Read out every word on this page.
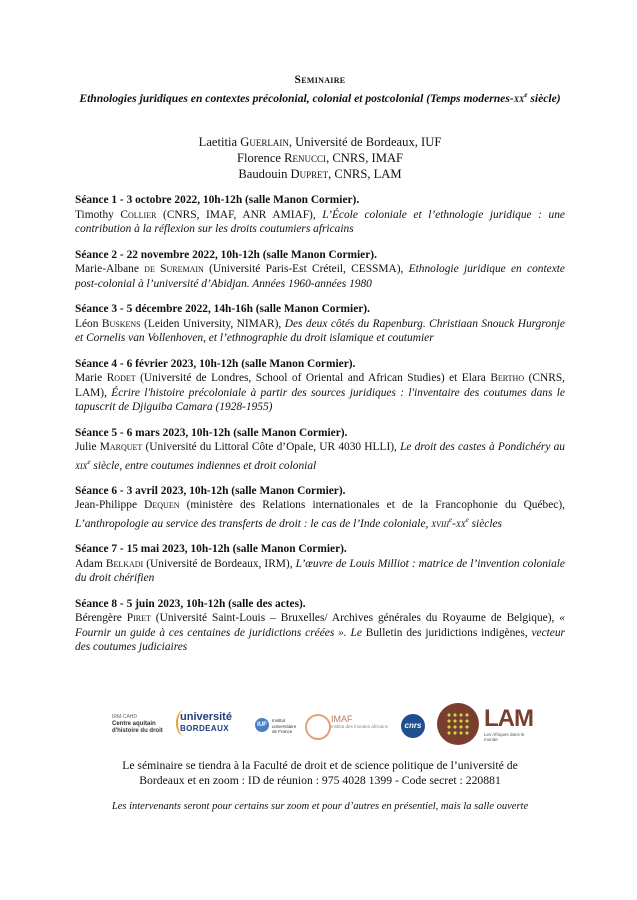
Seminaire
Ethnologies juridiques en contextes précolonial, colonial et postcolonial (Temps modernes-$xx^e$ siècle)
Laetitia Guerlain, Université de Bordeaux, IUF
Florence Renucci, CNRS, IMAF
Baudouin Dupret, CNRS, LAM
Séance 1 - 3 octobre 2022, 10h-12h (salle Manon Cormier).
Timothy Collier (CNRS, IMAF, ANR AMIAF), L’École coloniale et l’ethnologie juridique : une contribution à la réflexion sur les droits coutumiers africains
Séance 2 - 22 novembre 2022, 10h-12h (salle Manon Cormier).
Marie-Albane de Suremain (Université Paris-Est Créteil, CESSMA), Ethnologie juridique en contexte post-colonial à l’université d’Abidjan. Années 1960-années 1980
Séance 3 - 5 décembre 2022, 14h-16h (salle Manon Cormier).
Léon Buskens (Leiden University, NIMAR), Des deux côtés du Rapenburg. Christiaan Snouck Hurgronje et Cornelis van Vollenhoven, et l’ethnographie du droit islamique et coutumier
Séance 4 - 6 février 2023, 10h-12h (salle Manon Cormier).
Marie Rodet (Université de Londres, School of Oriental and African Studies) et Elara Bertho (CNRS, LAM), Écrire l'histoire précoloniale à partir des sources juridiques : l'inventaire des coutumes dans le tapuscrit de Djiguiba Camara (1928-1955)
Séance 5 - 6 mars 2023, 10h-12h (salle Manon Cormier).
Julie Marquet (Université du Littoral Côte d’Opale, UR 4030 HLLI), Le droit des castes à Pondichéry au xix$^e$ siècle, entre coutumes indiennes et droit colonial
Séance 6 - 3 avril 2023, 10h-12h (salle Manon Cormier).
Jean-Philippe Dequen (ministère des Relations internationales et de la Francophonie du Québec), L’anthropologie au service des transferts de droit : le cas de l’Inde coloniale, $xviii^e-xx^e$ siècles
Séance 7 - 15 mai 2023, 10h-12h (salle Manon Cormier).
Adam Belkadi (Université de Bordeaux, IRM), L’œuvre de Louis Milliot : matrice de l’invention coloniale du droit chérifien
Séance 8 - 5 juin 2023, 10h-12h (salle des actes).
Bérengère Piret (Université Saint-Louis – Bruxelles/ Archives générales du Royaume de Belgique), « Fournir un guide à ces centaines de juridictions créées ». Le Bulletin des juridictions indigènes, vecteur des coutumes judiciaires
IRM-CAHD
Centre aquitain
d'histoire du droit
université
BORDEAUX	IUF
Institut
universitaire
de France
IMAF
Institut des mondes africains	cnrs	LAM
Les Afriques dans le monde
Le séminaire se tiendra à la Faculté de droit et de science politique de l’université de
Bordeaux et en zoom : ID de réunion : 975 4028 1399 - Code secret : 220881
Les intervenants seront pour certains sur zoom et pour d’autres en présentiel, mais la salle ouverte
